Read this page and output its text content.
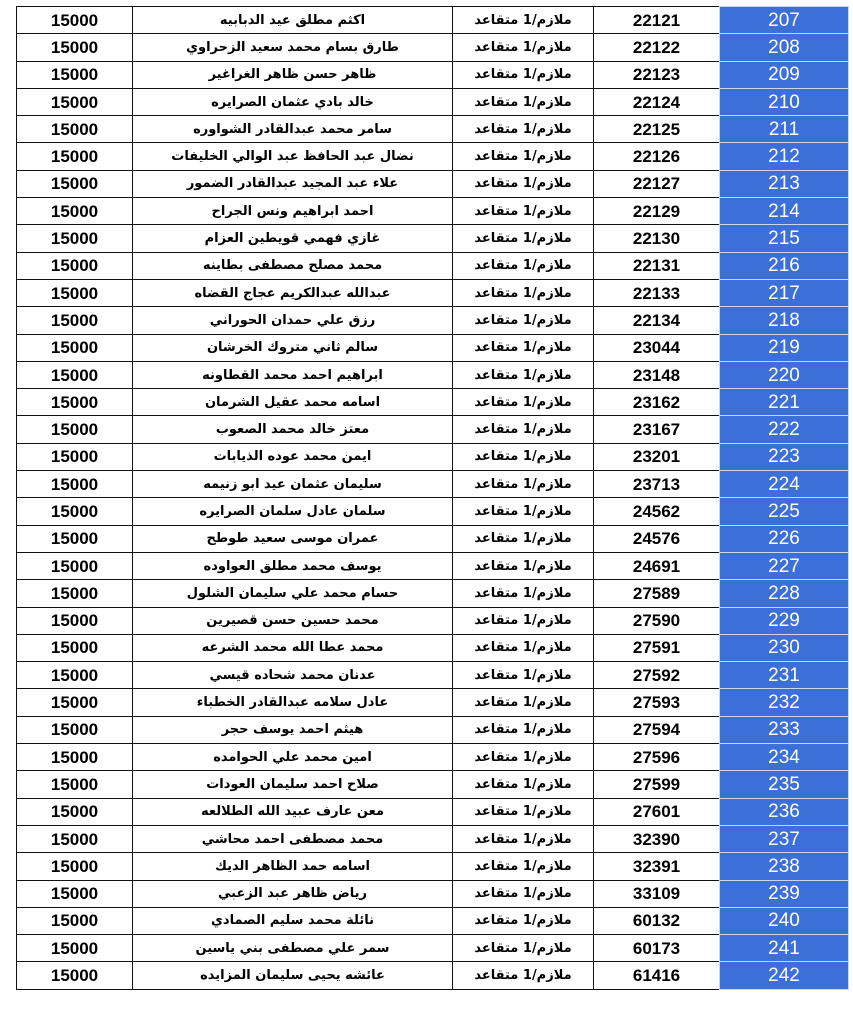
207	22121	ملازم/1 متقاعد	اكثم مطلق عيد الدبابيه	15000
208	22122	ملازم/1 متقاعد	طارق بسام محمد سعيد الزحراوي	15000
209	22123	ملازم/1 متقاعد	ظاهر حسن ظاهر الغراغير	15000
210	22124	ملازم/1 متقاعد	خالد بادي عثمان الصرايره	15000
211	22125	ملازم/1 متقاعد	سامر محمد عبدالقادر الشواوره	15000
212	22126	ملازم/1 متقاعد	نضال عبد الحافظ عبد الوالي الخليفات	15000
213	22127	ملازم/1 متقاعد	علاء عبد المجيد عبدالقادر الضمور	15000
214	22129	ملازم/1 متقاعد	احمد ابراهيم ونس الجراح	15000
215	22130	ملازم/1 متقاعد	غازي فهمي قويطين العزام	15000
216	22131	ملازم/1 متقاعد	محمد مصلح مصطفى بطاينه	15000
217	22133	ملازم/1 متقاعد	عبدالله عبدالكريم عجاج القضاه	15000
218	22134	ملازم/1 متقاعد	رزق علي حمدان الحوراني	15000
219	23044	ملازم/1 متقاعد	سالم ثاني متروك الخرشان	15000
220	23148	ملازم/1 متقاعد	ابراهيم احمد محمد القطاونه	15000
221	23162	ملازم/1 متقاعد	اسامه محمد عقيل الشرمان	15000
222	23167	ملازم/1 متقاعد	معتز خالد محمد الصعوب	15000
223	23201	ملازم/1 متقاعد	ايمن محمد عوده الذيابات	15000
224	23713	ملازم/1 متقاعد	سليمان عثمان عيد ابو زنيمه	15000
225	24562	ملازم/1 متقاعد	سلمان عادل سلمان الصرايره	15000
226	24576	ملازم/1 متقاعد	عمران موسى سعيد طوطح	15000
227	24691	ملازم/1 متقاعد	يوسف محمد مطلق العواوده	15000
228	27589	ملازم/1 متقاعد	حسام محمد علي سليمان الشلول	15000
229	27590	ملازم/1 متقاعد	محمد حسين حسن قصيرين	15000
230	27591	ملازم/1 متقاعد	محمد عطا الله محمد الشرعه	15000
231	27592	ملازم/1 متقاعد	عدنان محمد شحاده قيسي	15000
232	27593	ملازم/1 متقاعد	عادل سلامه عبدالقادر الخطباء	15000
233	27594	ملازم/1 متقاعد	هيثم احمد يوسف حجر	15000
234	27596	ملازم/1 متقاعد	امين محمد علي الحوامده	15000
235	27599	ملازم/1 متقاعد	صلاح احمد سليمان العودات	15000
236	27601	ملازم/1 متقاعد	معن عارف عبيد الله الطلالعه	15000
237	32390	ملازم/1 متقاعد	محمد مصطفى احمد محاشي	15000
238	32391	ملازم/1 متقاعد	اسامه حمد الظاهر الديك	15000
239	33109	ملازم/1 متقاعد	رياض ظاهر عبد الزعبي	15000
240	60132	ملازم/1 متقاعد	نائلة محمد سليم الصمادي	15000
241	60173	ملازم/1 متقاعد	سمر علي مصطفى بني ياسين	15000
242	61416	ملازم/1 متقاعد	عائشه يحيى سليمان المزايده	15000
